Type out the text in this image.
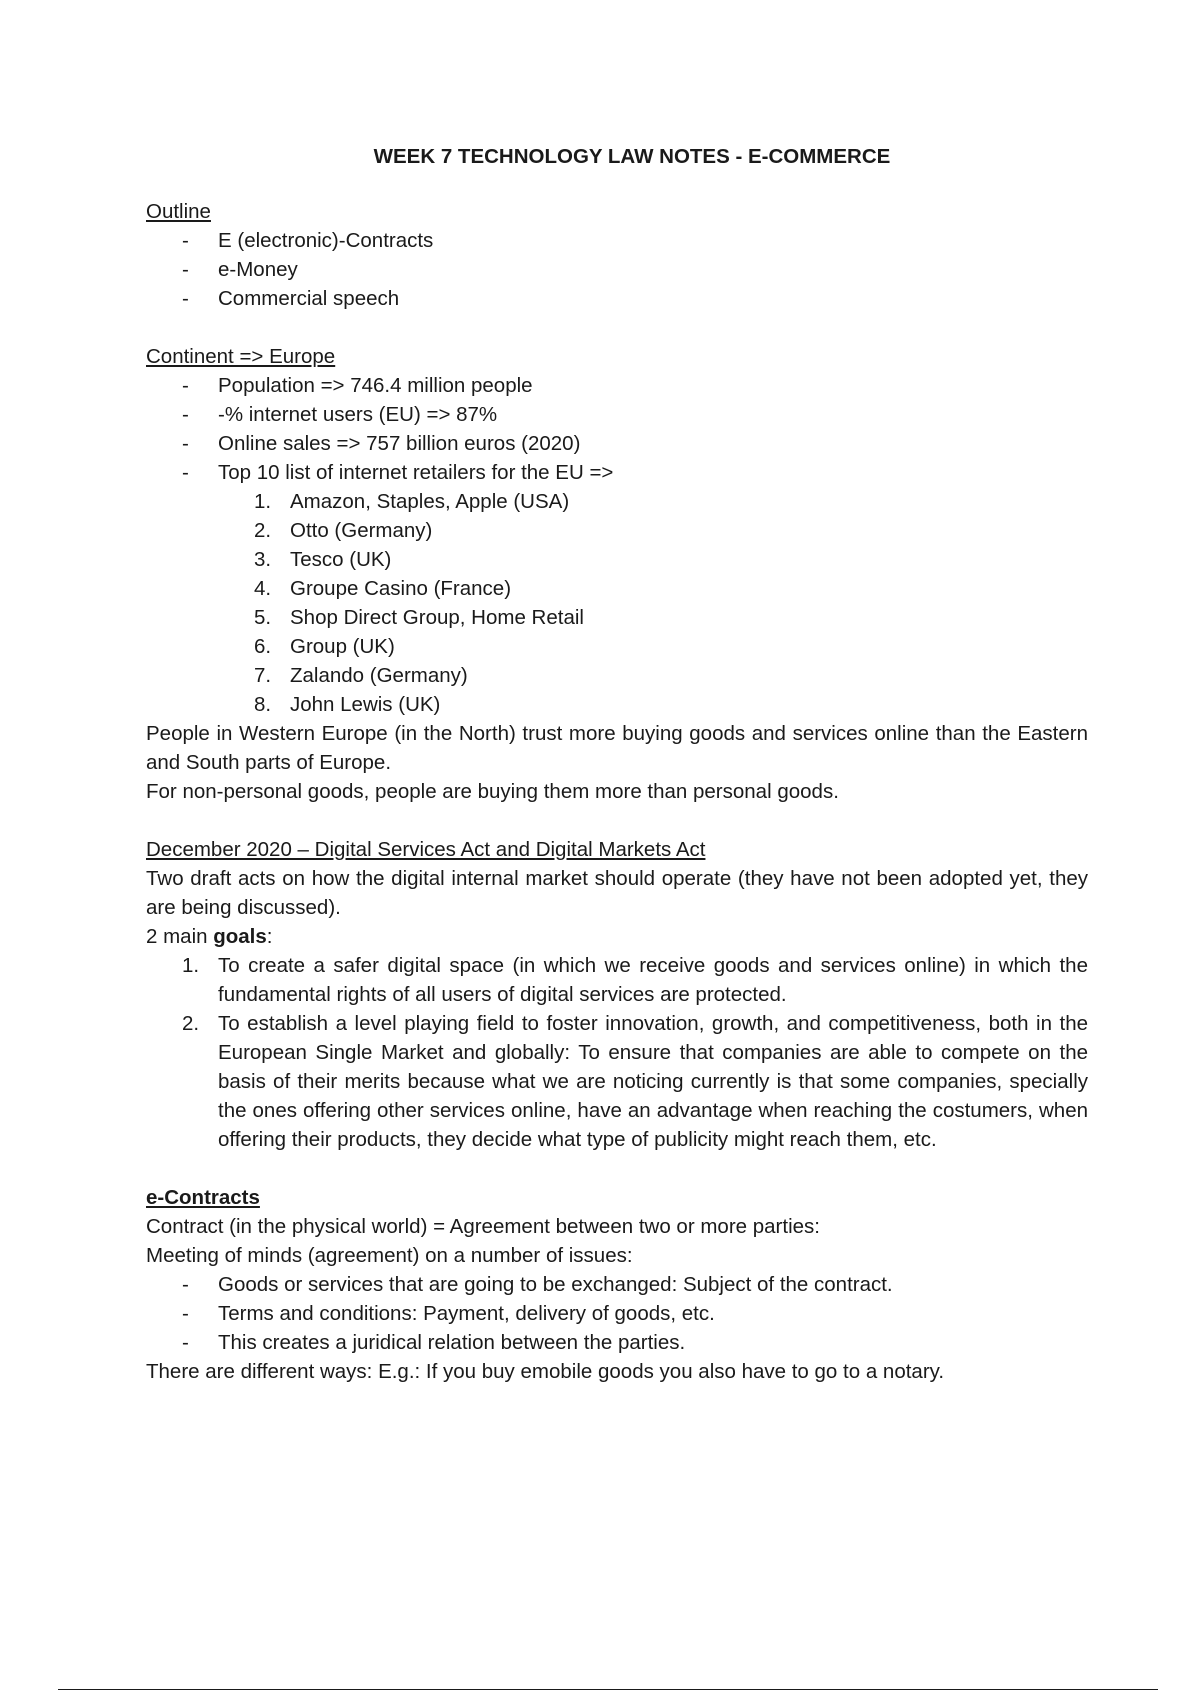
WEEK 7 TECHNOLOGY LAW NOTES - E-COMMERCE

Outline

- E (electronic)-Contracts
- e-Money
- Commercial speech

Continent => Europe

- Population => 746.4 million people
- -% internet users (EU) => 87%
- Online sales => 757 billion euros (2020)
- Top 10 list of internet retailers for the EU =>
1. Amazon, Staples, Apple (USA)
2. Otto (Germany)
3. Tesco (UK)
4. Groupe Casino (France)
5. Shop Direct Group, Home Retail
6. Group (UK)
7. Zalando (Germany)
8. John Lewis (UK)

People in Western Europe (in the North) trust more buying goods and services online than the Eastern and South parts of Europe.

For non-personal goods, people are buying them more than personal goods.

December 2020 – Digital Services Act and Digital Markets Act

Two draft acts on how the digital internal market should operate (they have not been adopted yet, they are being discussed).

2 main goals:

1. To create a safer digital space (in which we receive goods and services online) in which the fundamental rights of all users of digital services are protected.
2. To establish a level playing field to foster innovation, growth, and competitiveness, both in the European Single Market and globally: To ensure that companies are able to compete on the basis of their merits because what we are noticing currently is that some companies, specially the ones offering other services online, have an advantage when reaching the costumers, when offering their products, they decide what type of publicity might reach them, etc.

e-Contracts

Contract (in the physical world) = Agreement between two or more parties:

Meeting of minds (agreement) on a number of issues:

- Goods or services that are going to be exchanged: Subject of the contract.
- Terms and conditions: Payment, delivery of goods, etc.
- This creates a juridical relation between the parties.

There are different ways: E.g.: If you buy emobile goods you also have to go to a notary.
